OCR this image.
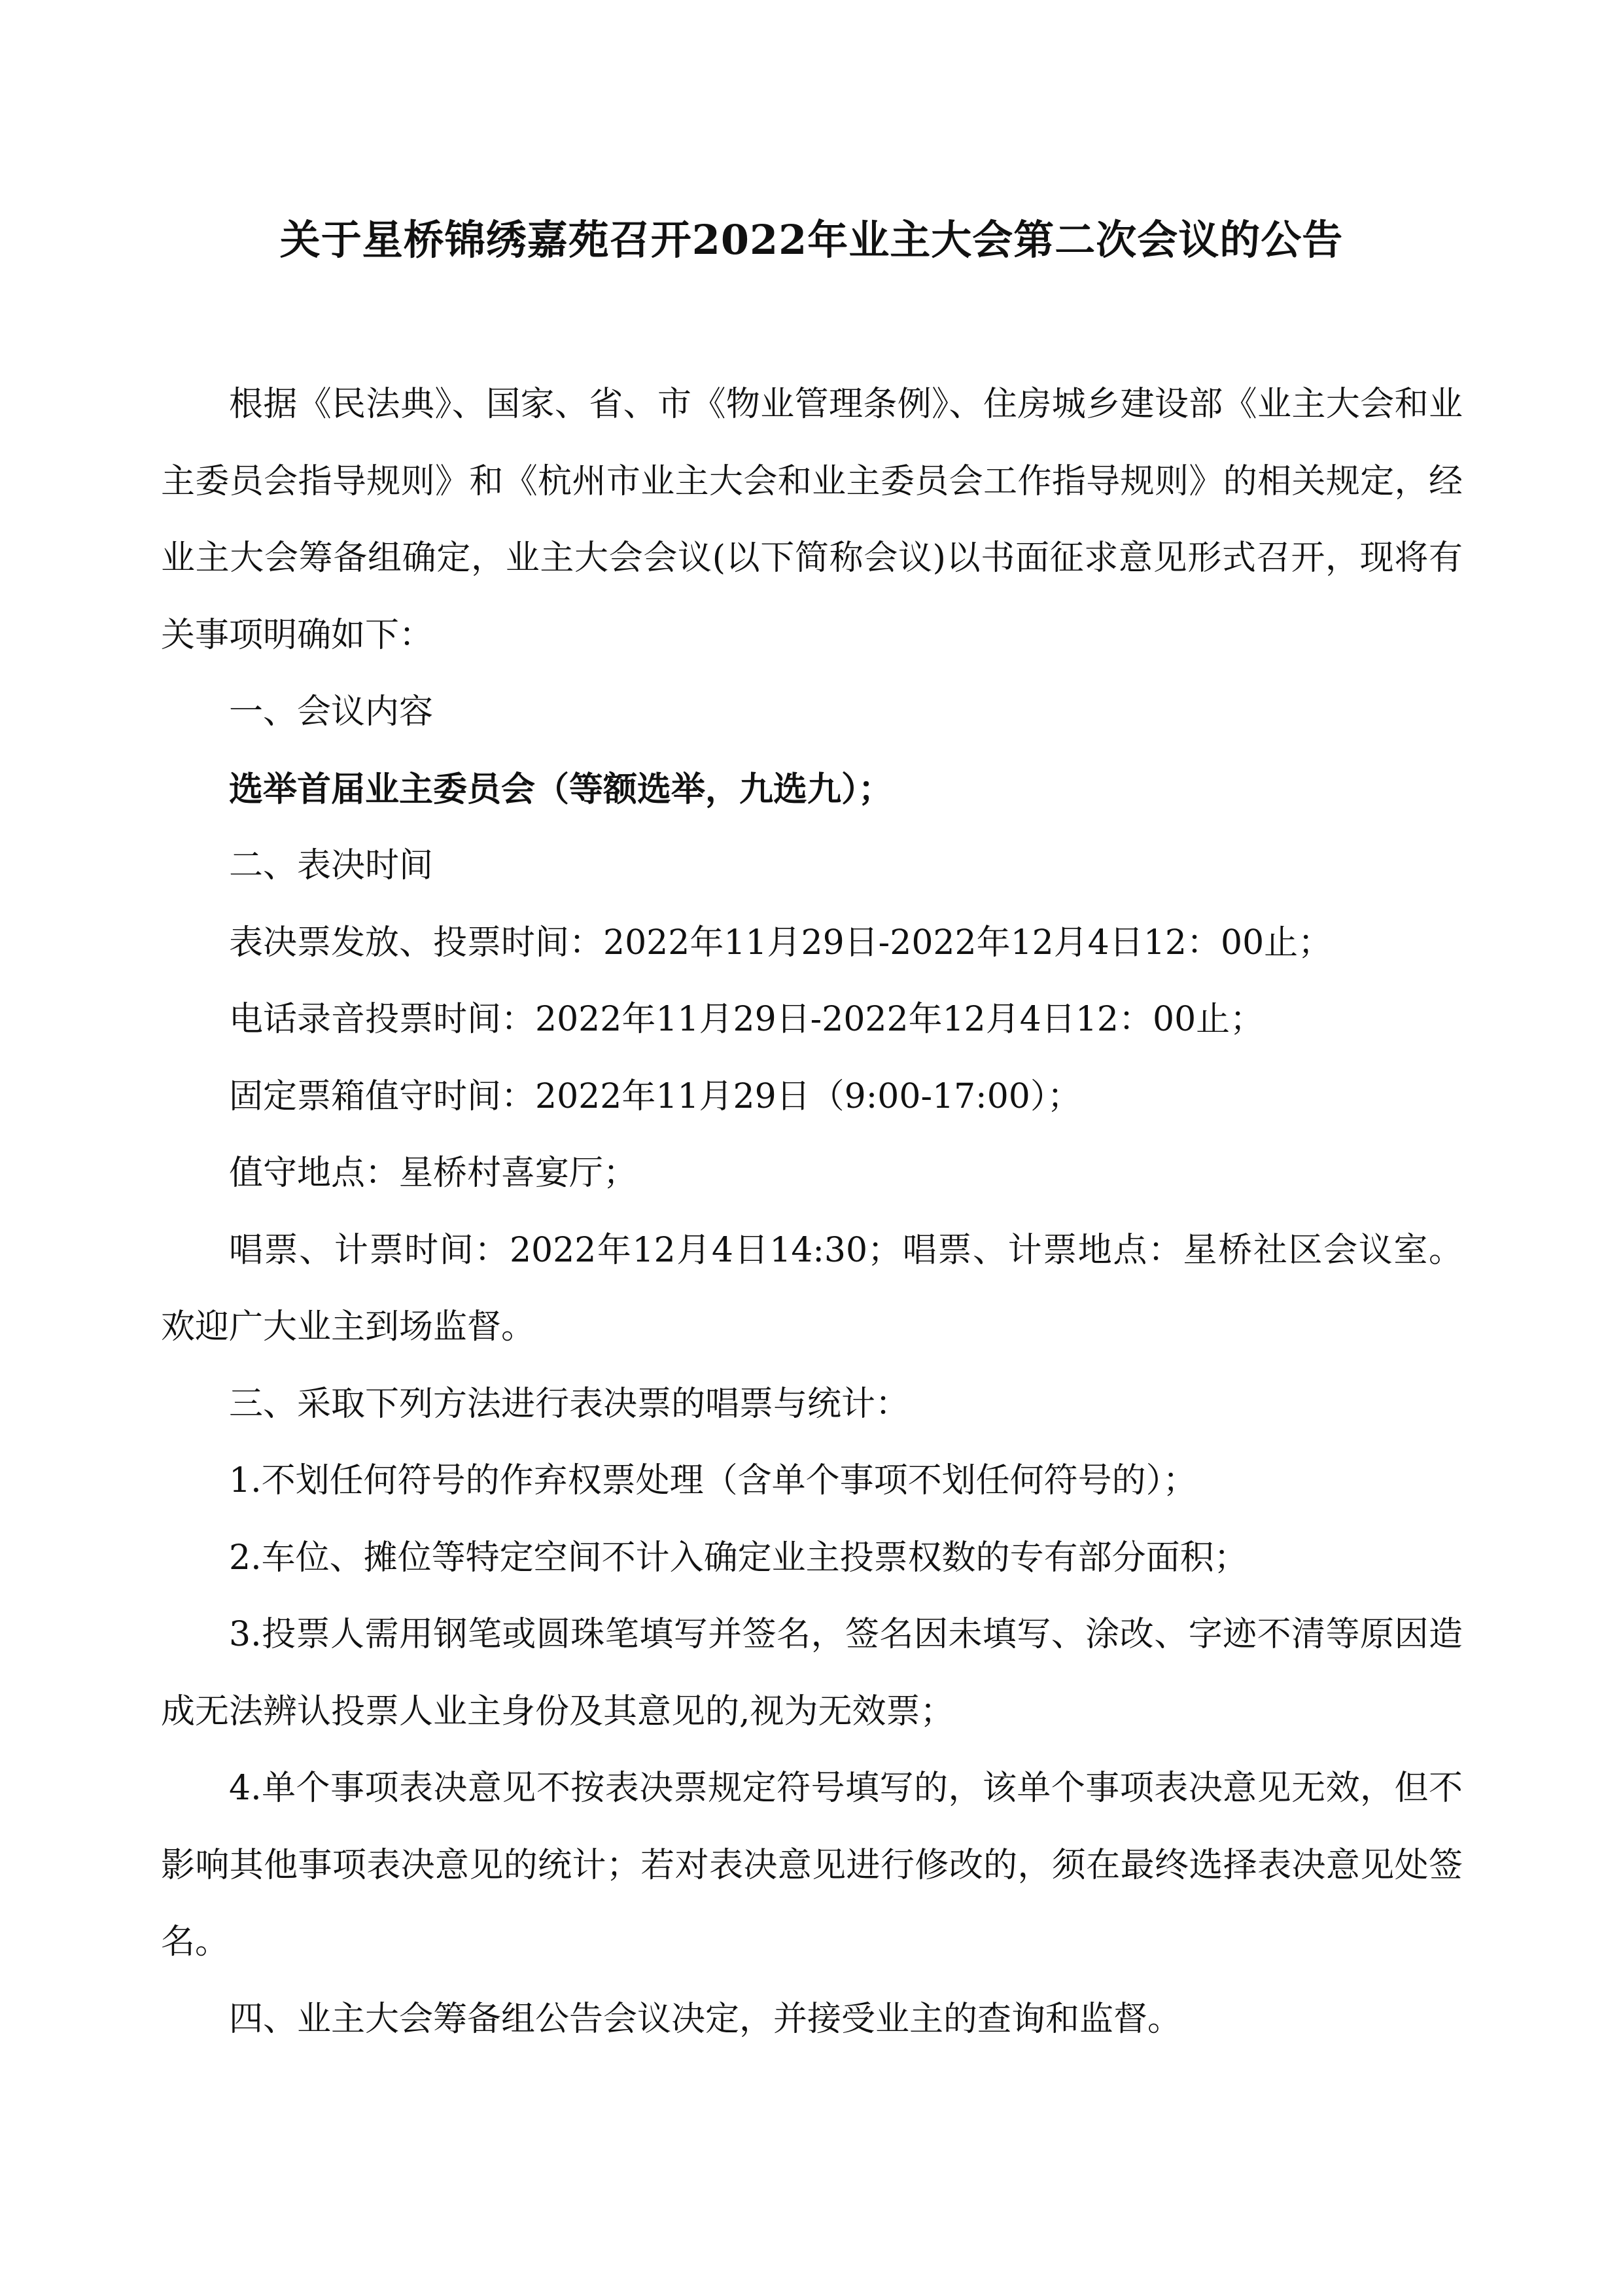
关于星桥锦绣嘉苑召开2022年业主大会第二次会议的公告

根据《民法典》、国家、省、市《物业管理条例》、住房城乡建设部《业主大会和业主委员会指导规则》和《杭州市业主大会和业主委员会工作指导规则》的相关规定，经业主大会筹备组确定，业主大会会议(以下简称会议)以书面征求意见形式召开，现将有关事项明确如下：

一、会议内容

选举首届业主委员会（等额选举，九选九）；

二、表决时间

表决票发放、投票时间：2022年11月29日-2022年12月4日12：00止；

电话录音投票时间：2022年11月29日-2022年12月4日12：00止；

固定票箱值守时间：2022年11月29日（9:00-17:00）；

值守地点：星桥村喜宴厅；

唱票、计票时间：2022年12月4日14:30；唱票、计票地点：星桥社区会议室。欢迎广大业主到场监督。

三、采取下列方法进行表决票的唱票与统计：

1.不划任何符号的作弃权票处理（含单个事项不划任何符号的）；

2.车位、摊位等特定空间不计入确定业主投票权数的专有部分面积；

3.投票人需用钢笔或圆珠笔填写并签名，签名因未填写、涂改、字迹不清等原因造成无法辨认投票人业主身份及其意见的,视为无效票；

4.单个事项表决意见不按表决票规定符号填写的，该单个事项表决意见无效，但不影响其他事项表决意见的统计；若对表决意见进行修改的，须在最终选择表决意见处签名。

四、业主大会筹备组公告会议决定，并接受业主的查询和监督。
